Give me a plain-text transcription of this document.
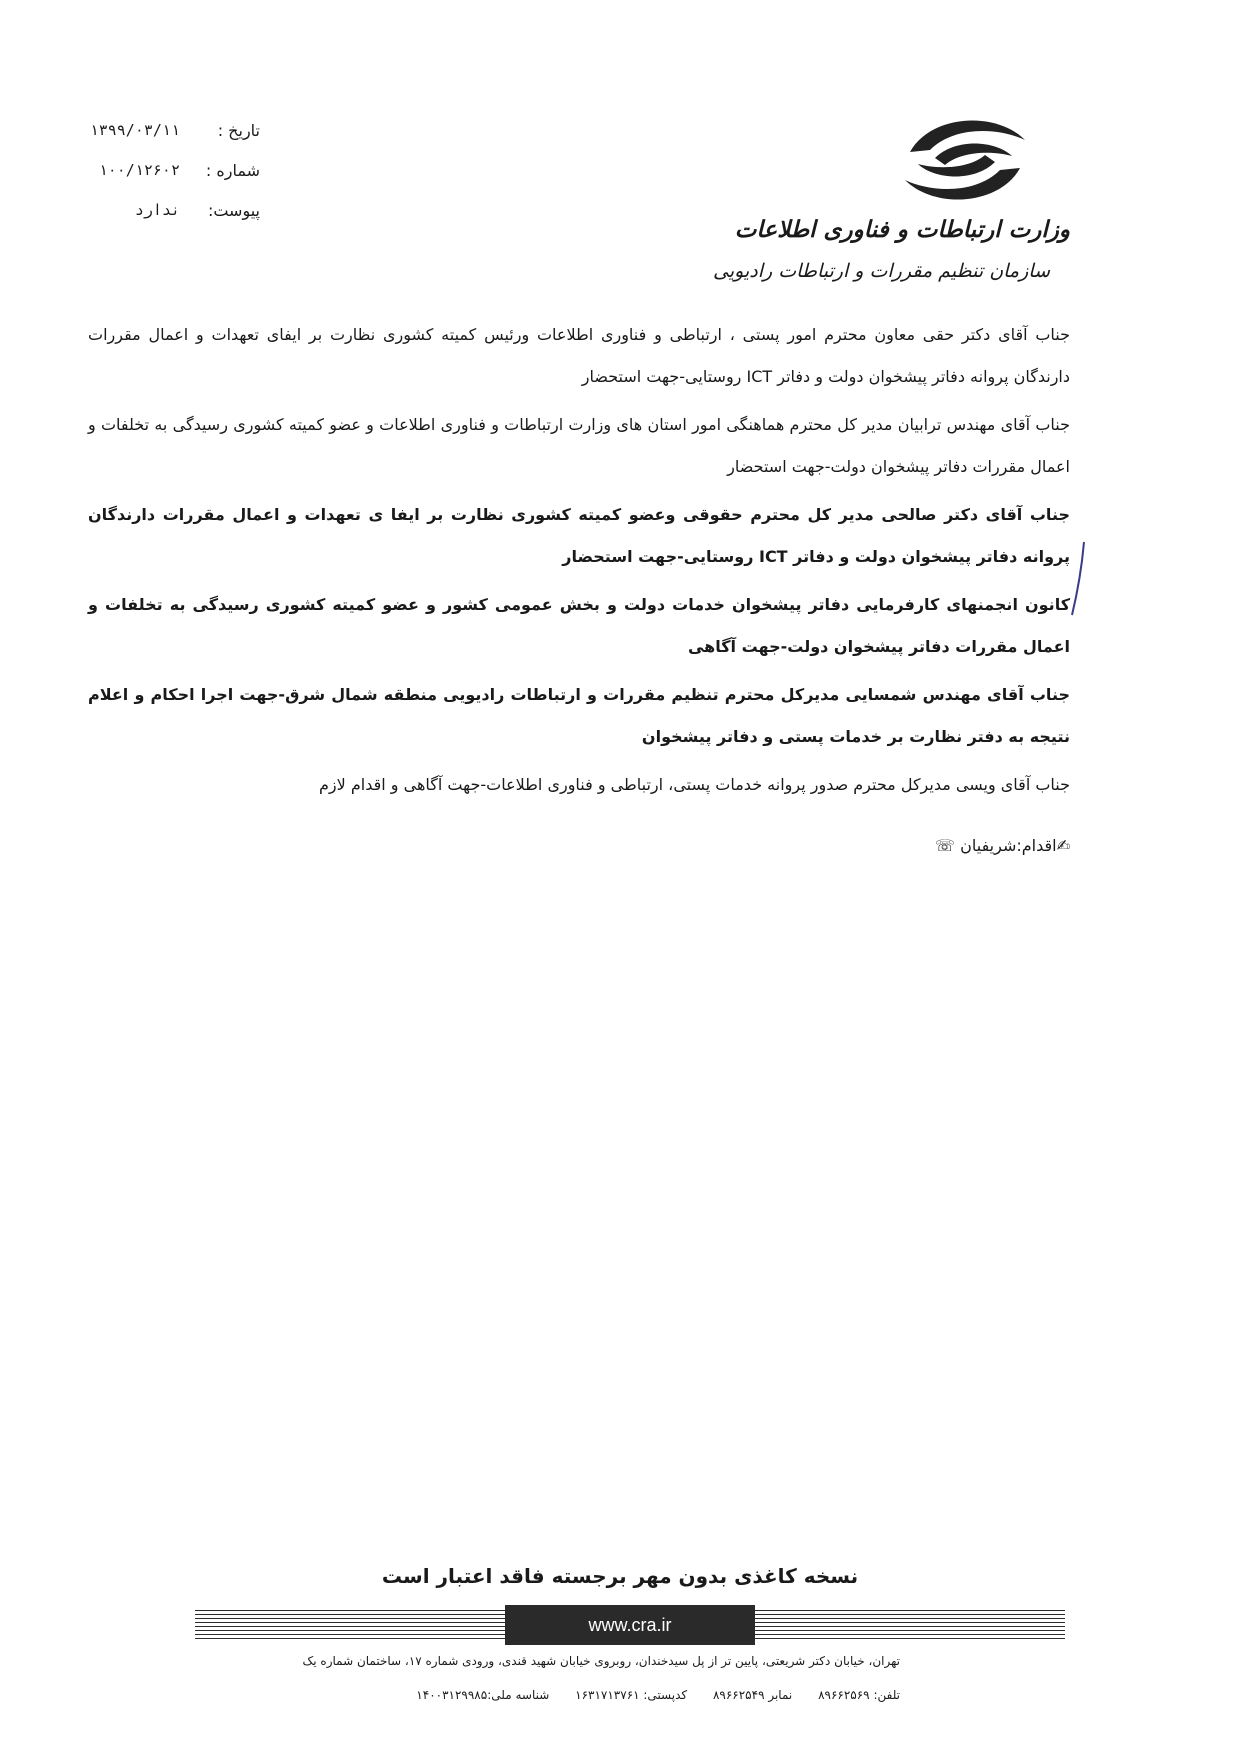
وزارت ارتباطات و فناوری اطلاعات
سازمان تنظیم مقررات و ارتباطات رادیویی
تاریخ :
۱۳۹۹/۰۳/۱۱
شماره :
۱۰۰/۱۲۶۰۲
پیوست:
ندارد

جناب آقای دکتر حقی معاون محترم امور پستی ، ارتباطی و فناوری اطلاعات ورئیس کمیته کشوری نظارت بر ایفای تعهدات و اعمال مقررات دارندگان پروانه دفاتر پیشخوان دولت و دفاتر ICT روستایی-جهت استحضار

جناب آقای مهندس ترابیان مدیر کل محترم هماهنگی امور استان های وزارت ارتباطات و فناوری اطلاعات و عضو کمیته کشوری رسیدگی به تخلفات و اعمال مقررات دفاتر پیشخوان دولت-جهت استحضار

جناب آقای دکتر صالحی مدیر کل محترم حقوقی وعضو کمیته کشوری نظارت بر ایفا ی تعهدات و اعمال مقررات دارندگان پروانه دفاتر پیشخوان دولت و دفاتر ICT روستایی-جهت استحضار

کانون انجمنهای کارفرمایی دفاتر پیشخوان خدمات دولت و بخش عمومی کشور و عضو کمیته کشوری رسیدگی به تخلفات و اعمال مقررات دفاتر پیشخوان دولت-جهت آگاهی

جناب آقای مهندس شمسایی مدیرکل محترم تنظیم مقررات و ارتباطات رادیویی منطقه شمال شرق-جهت اجرا احکام و اعلام نتیجه به دفتر نظارت بر خدمات پستی و دفاتر پیشخوان

جناب آقای ویسی مدیرکل محترم صدور پروانه خدمات پستی، ارتباطی و فناوری اطلاعات-جهت آگاهی و اقدام لازم

✍اقدام:شریفیان ☏
نسخه کاغذی بدون مهر برجسته فاقد اعتبار است
www.cra.ir
تهران، خیابان دکتر شریعتی، پایین تر از پل سیدخندان، روبروی خیابان شهید قندی، ورودی شماره ۱۷، ساختمان شماره یک
تلفن: ۸۹۶۶۲۵۶۹ نمابر ۸۹۶۶۲۵۴۹ کدپستی: ۱۶۳۱۷۱۳۷۶۱ شناسه ملی:۱۴۰۰۳۱۲۹۹۸۵
